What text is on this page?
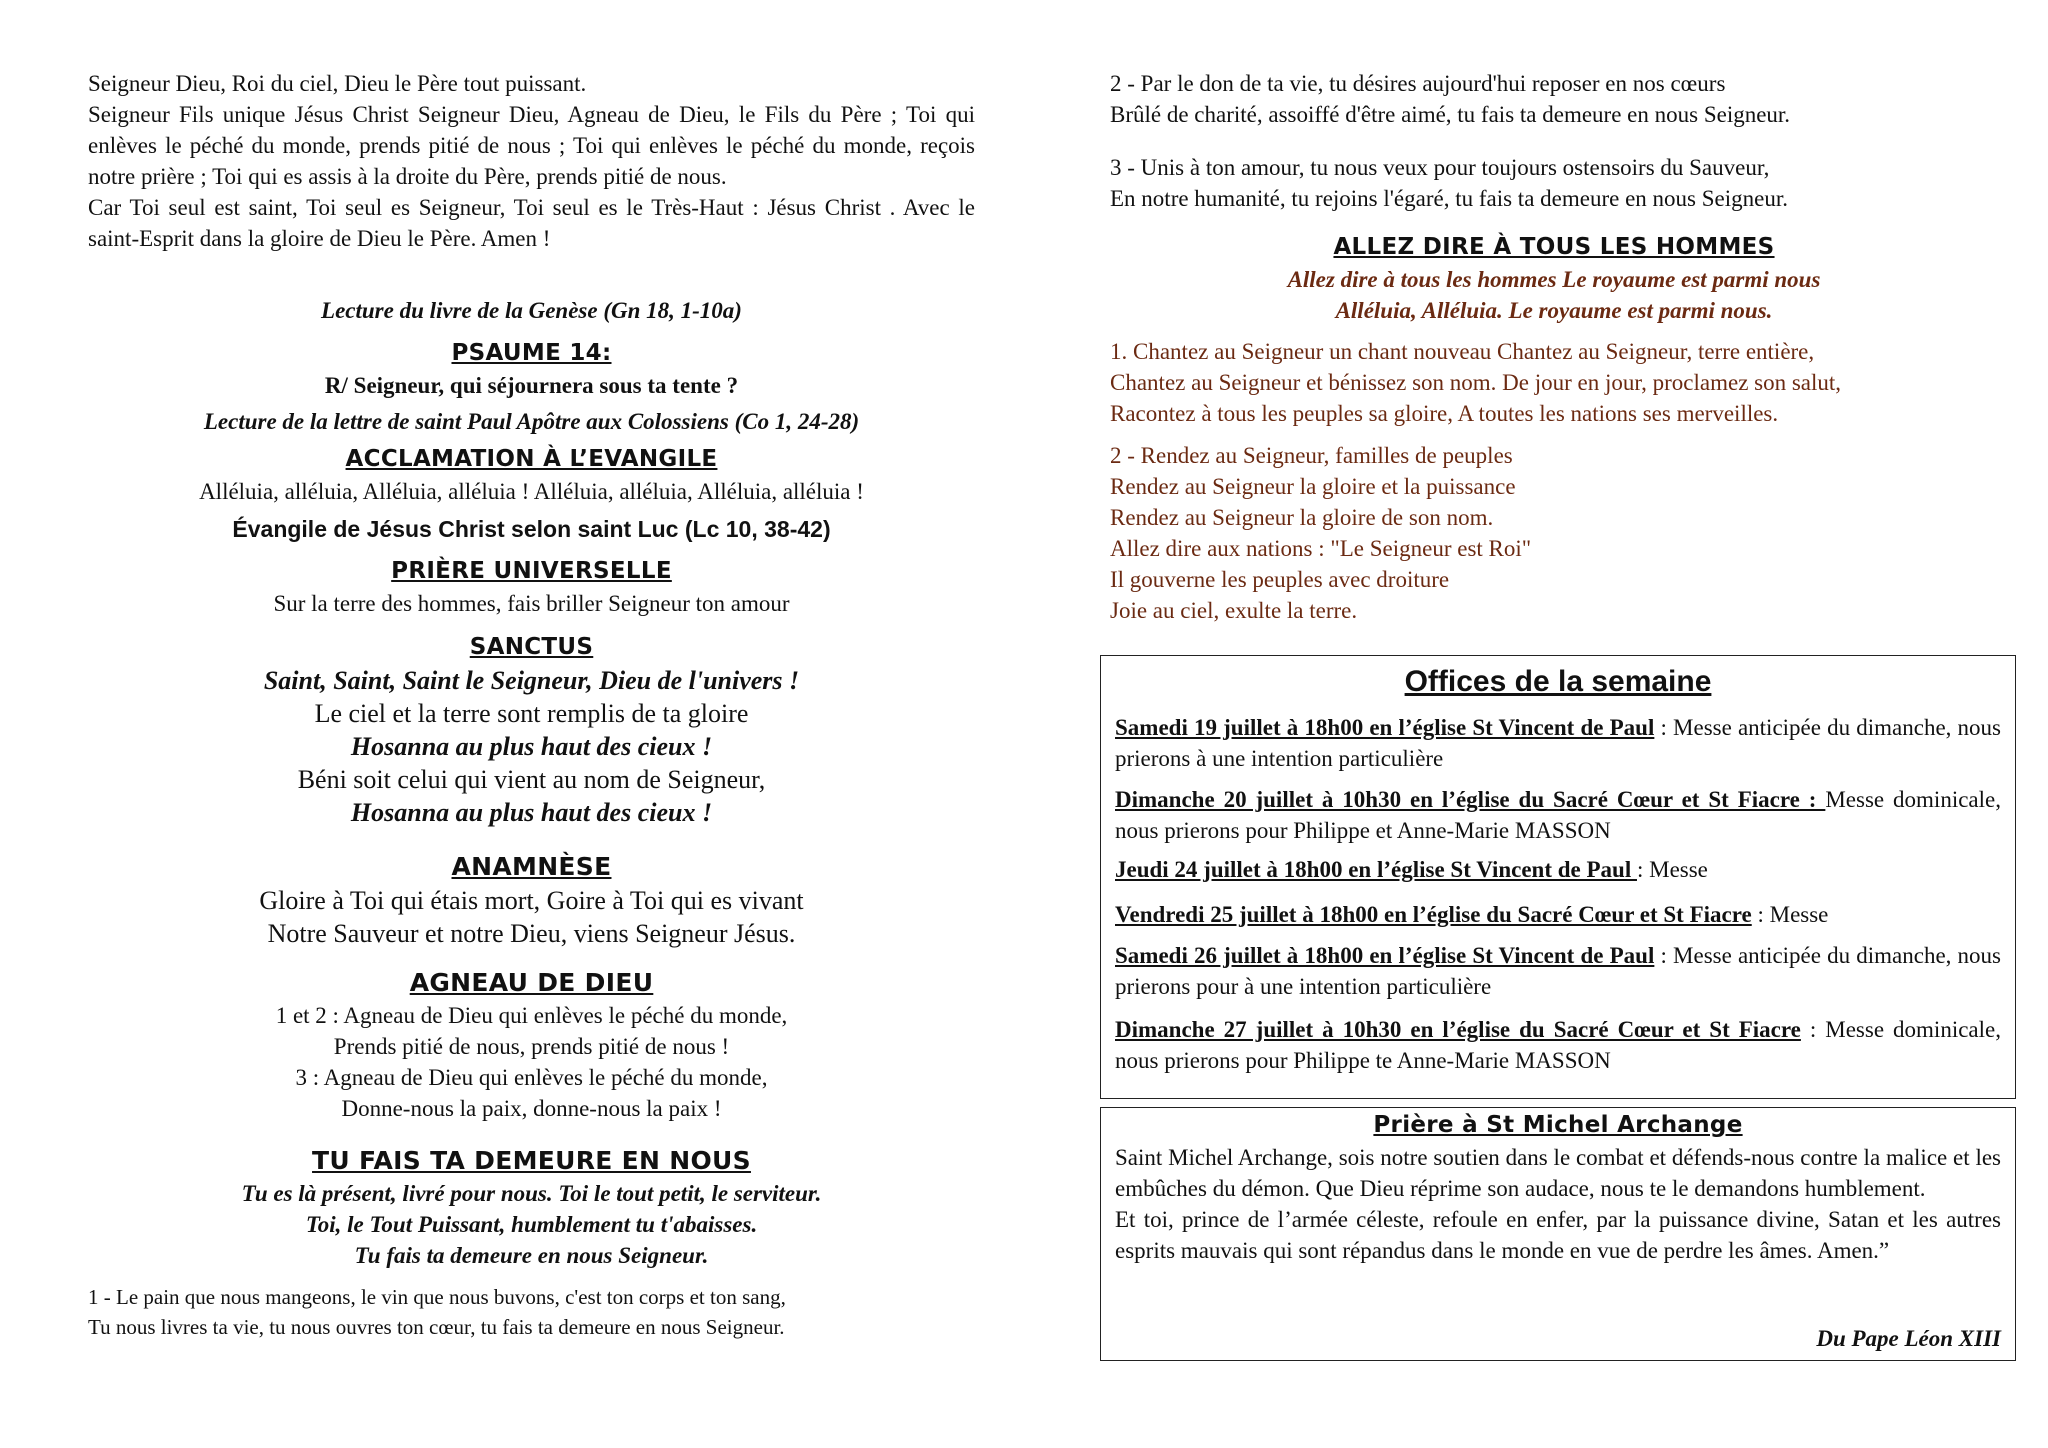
Seigneur Dieu, Roi du ciel, Dieu le Père tout puissant.

Seigneur Fils unique Jésus Christ Seigneur Dieu, Agneau de Dieu, le Fils du Père ; Toi qui enlèves le péché du monde, prends pitié de nous ; Toi qui enlèves le péché du monde, reçois notre prière ; Toi qui es assis à la droite du Père, prends pitié de nous.

Car Toi seul est saint, Toi seul es Seigneur, Toi seul es le Très-Haut : Jésus Christ . Avec le saint-Esprit dans la gloire de Dieu le Père. Amen !

Lecture du livre de la Genèse (Gn 18, 1-10a)

PSAUME 14:

R/ Seigneur, qui séjournera sous ta tente ?

Lecture de la lettre de saint Paul Apôtre aux Colossiens (Co 1, 24-28)

ACCLAMATION À L’EVANGILE

Alléluia, alléluia, Alléluia, alléluia ! Alléluia, alléluia, Alléluia, alléluia !

Évangile de Jésus Christ selon saint Luc (Lc 10, 38-42)

PRIÈRE UNIVERSELLE

Sur la terre des hommes, fais briller Seigneur ton amour

SANCTUS

Saint, Saint, Saint le Seigneur, Dieu de l'univers !

Le ciel et la terre sont remplis de ta gloire

Hosanna au plus haut des cieux !

Béni soit celui qui vient au nom de Seigneur,

Hosanna au plus haut des cieux !

ANAMNÈSE

Gloire à Toi qui étais mort, Goire à Toi qui es vivant

Notre Sauveur et notre Dieu, viens Seigneur Jésus.

AGNEAU DE DIEU

1 et 2 : Agneau de Dieu qui enlèves le péché du monde,

Prends pitié de nous, prends pitié de nous !

3 : Agneau de Dieu qui enlèves le péché du monde,

Donne-nous la paix, donne-nous la paix !

TU FAIS TA DEMEURE EN NOUS

Tu es là présent, livré pour nous. Toi le tout petit, le serviteur.

Toi, le Tout Puissant, humblement tu t'abaisses.

Tu fais ta demeure en nous Seigneur.

1 - Le pain que nous mangeons, le vin que nous buvons, c'est ton corps et ton sang,

Tu nous livres ta vie, tu nous ouvres ton cœur, tu fais ta demeure en nous Seigneur.

2 - Par le don de ta vie, tu désires aujourd'hui reposer en nos cœurs

Brûlé de charité, assoiffé d'être aimé, tu fais ta demeure en nous Seigneur.

3 - Unis à ton amour, tu nous veux pour toujours ostensoirs du Sauveur,

En notre humanité, tu rejoins l'égaré, tu fais ta demeure en nous Seigneur.

ALLEZ DIRE À TOUS LES HOMMES

Allez dire à tous les hommes Le royaume est parmi nous

Alléluia, Alléluia. Le royaume est parmi nous.

1. Chantez au Seigneur un chant nouveau Chantez au Seigneur, terre entière,

Chantez au Seigneur et bénissez son nom. De jour en jour, proclamez son salut,

Racontez à tous les peuples sa gloire, A toutes les nations ses merveilles.

2 - Rendez au Seigneur, familles de peuples

Rendez au Seigneur la gloire et la puissance

Rendez au Seigneur la gloire de son nom.

Allez dire aux nations : "Le Seigneur est Roi"

Il gouverne les peuples avec droiture

Joie au ciel, exulte la terre.

Offices de la semaine

Samedi 19 juillet à 18h00 en l’église St Vincent de Paul : Messe anticipée du dimanche, nous prierons à une intention particulière

Dimanche 20 juillet à 10h30 en l’église du Sacré Cœur et St Fiacre : Messe dominicale, nous prierons pour Philippe et Anne-Marie MASSON

Jeudi 24 juillet à 18h00 en l’église St Vincent de Paul : Messe

Vendredi 25 juillet à 18h00 en l’église du Sacré Cœur et St Fiacre : Messe

Samedi 26 juillet à 18h00 en l’église St Vincent de Paul : Messe anticipée du dimanche, nous prierons pour à une intention particulière

Dimanche 27 juillet à 10h30 en l’église du Sacré Cœur et St Fiacre : Messe dominicale, nous prierons pour Philippe te Anne-Marie MASSON

Prière à St Michel Archange

Saint Michel Archange, sois notre soutien dans le combat et défends-nous contre la malice et les embûches du démon. Que Dieu réprime son audace, nous te le demandons humblement.

Et toi, prince de l’armée céleste, refoule en enfer, par la puissance divine, Satan et les autres esprits mauvais qui sont répandus dans le monde en vue de perdre les âmes. Amen.”

Du Pape Léon XIII
